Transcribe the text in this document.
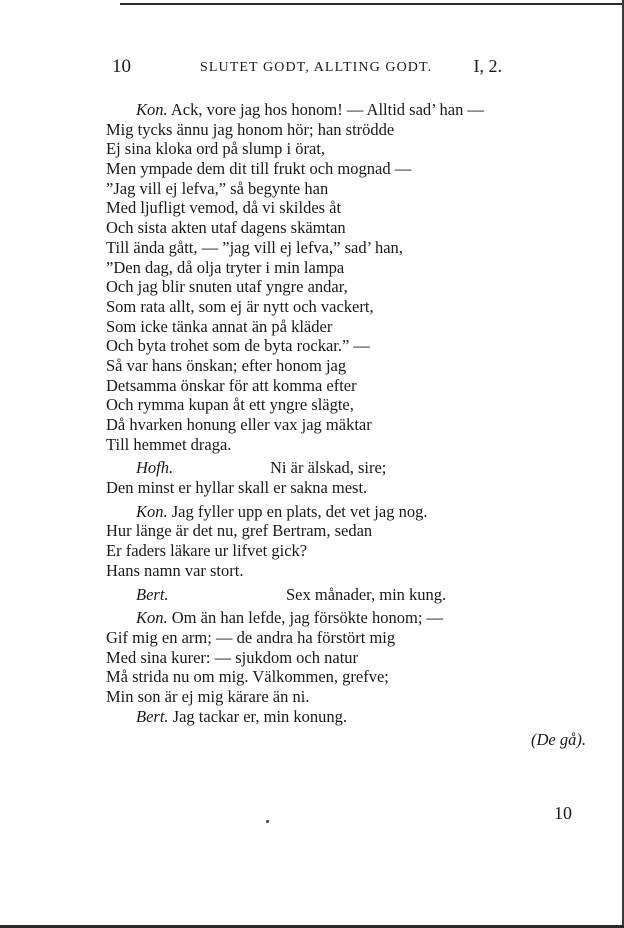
10	SLUTET GODT, ALLTING GODT. I, 2.
Kon. Ack, vore jag hos honom! — Alltid sad’ han —
Mig tycks ännu jag honom hör; han strödde
Ej sina kloka ord på slump i örat,
Men ympade dem dit till frukt och mognad —
”Jag vill ej lefva,” så begynte han
Med ljufligt vemod, då vi skildes åt
Och sista akten utaf dagens skämtan
Till ända gått, — ”jag vill ej lefva,” sad’ han,
”Den dag, då olja tryter i min lampa
Och jag blir snuten utaf yngre andar,
Som rata allt, som ej är nytt och vackert,
Som icke tänka annat än på kläder
Och byta trohet som de byta rockar.” —
Så var hans önskan; efter honom jag
Detsamma önskar för att komma efter
Och rymma kupan åt ett yngre slägte,
Då hvarken honung eller vax jag mäktar
Till hemmet draga.
Hofh.	Ni är älskad, sire;
Den minst er hyllar skall er sakna mest.
Kon. Jag fyller upp en plats, det vet jag nog.
Hur länge är det nu, gref Bertram, sedan
Er faders läkare ur lifvet gick?
Hans namn var stort.
Bert.	Sex månader, min kung.
Kon. Om än han lefde, jag försökte honom; —
Gif mig en arm; — de andra ha förstört mig
Med sina kurer: — sjukdom och natur
Må strida nu om mig. Välkommen, grefve;
Min son är ej mig kärare än ni.
Bert. Jag tackar er, min konung.
(De gå).
10
